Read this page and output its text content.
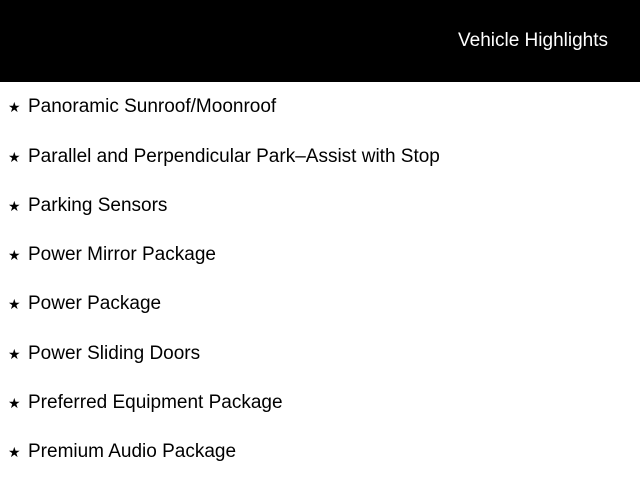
Vehicle Highlights
★ Panoramic Sunroof/Moonroof
★ Parallel and Perpendicular Park–Assist with Stop
★ Parking Sensors
★ Power Mirror Package
★ Power Package
★ Power Sliding Doors
★ Preferred Equipment Package
★ Premium Audio Package
